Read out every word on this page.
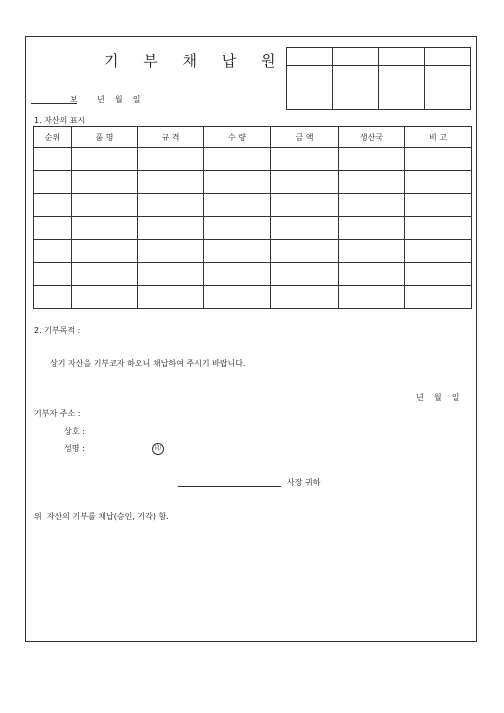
기 부 채 납 원

보 년    월    일
1. 자산의 표시
순위	품 명	규 격	수 량	금 액	생산국	비 고

2. 기부목적 :
상기 자산을 기부코자 하오니 채납하여 주시기 바랍니다.
년    월    일
기부자 주소 :
상호 :
성명 :	印
사장 귀하
위  자산의 기부를 채납(승인, 기각) 함.
